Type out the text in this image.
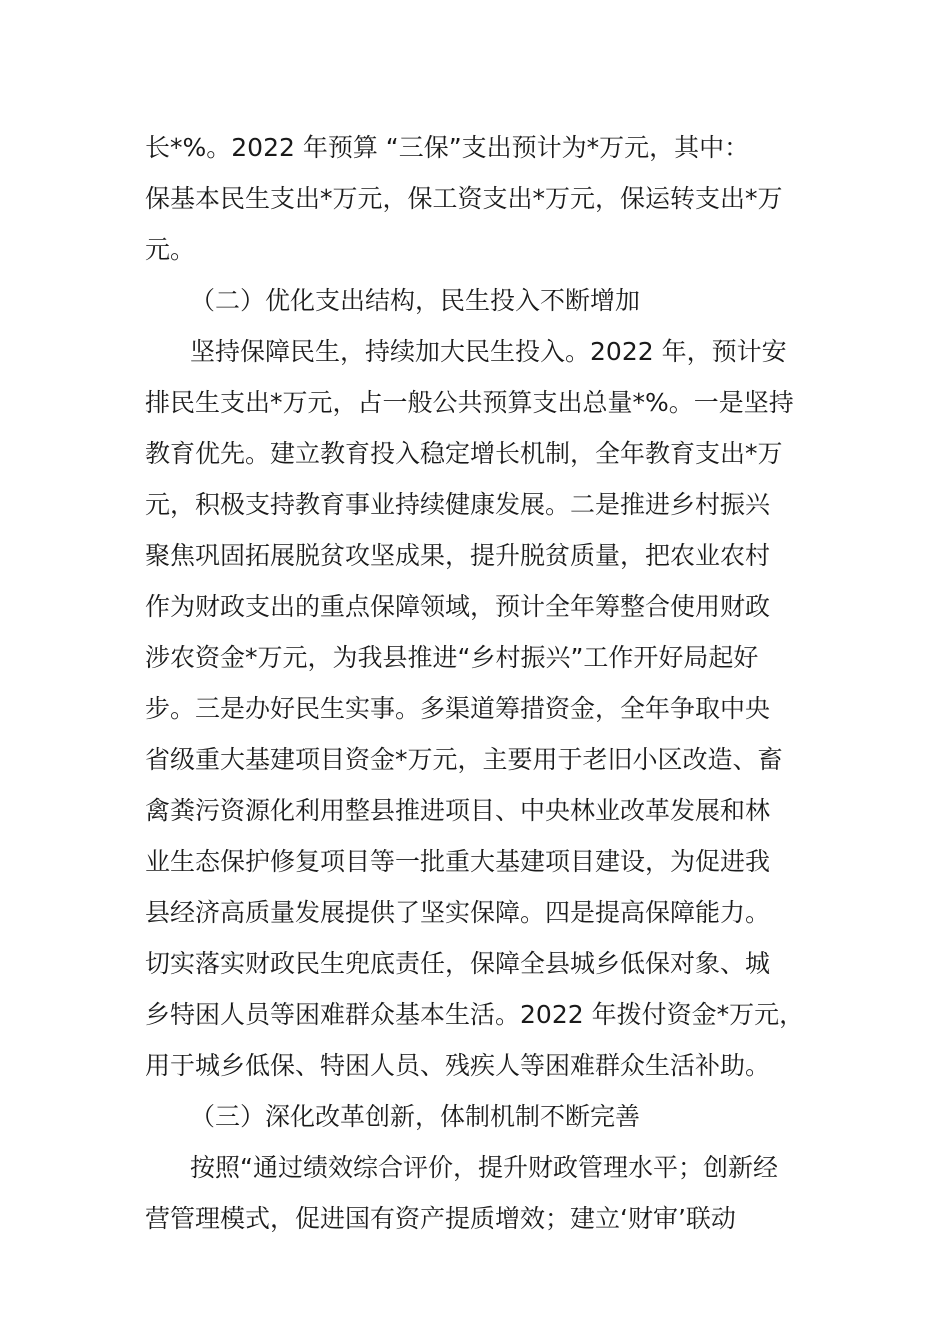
长*%。2022 年预算 “三保”支出预计为*万元，其中：

保基本民生支出*万元，保工资支出*万元，保运转支出*万

元。

（二）优化支出结构，民生投入不断增加

坚持保障民生，持续加大民生投入。2022 年，预计安

排民生支出*万元，占一般公共预算支出总量*%。一是坚持

教育优先。建立教育投入稳定增长机制，全年教育支出*万

元，积极支持教育事业持续健康发展。二是推进乡村振兴

聚焦巩固拓展脱贫攻坚成果，提升脱贫质量，把农业农村

作为财政支出的重点保障领域，预计全年筹整合使用财政

涉农资金*万元，为我县推进“乡村振兴”工作开好局起好

步。三是办好民生实事。多渠道筹措资金，全年争取中央

省级重大基建项目资金*万元，主要用于老旧小区改造、畜

禽粪污资源化利用整县推进项目、中央林业改革发展和林

业生态保护修复项目等一批重大基建项目建设，为促进我

县经济高质量发展提供了坚实保障。四是提高保障能力。

切实落实财政民生兜底责任，保障全县城乡低保对象、城

乡特困人员等困难群众基本生活。2022 年拨付资金*万元，

用于城乡低保、特困人员、残疾人等困难群众生活补助。

（三）深化改革创新，体制机制不断完善

按照“通过绩效综合评价，提升财政管理水平；创新经

营管理模式，促进国有资产提质增效；建立‘财审’联动
